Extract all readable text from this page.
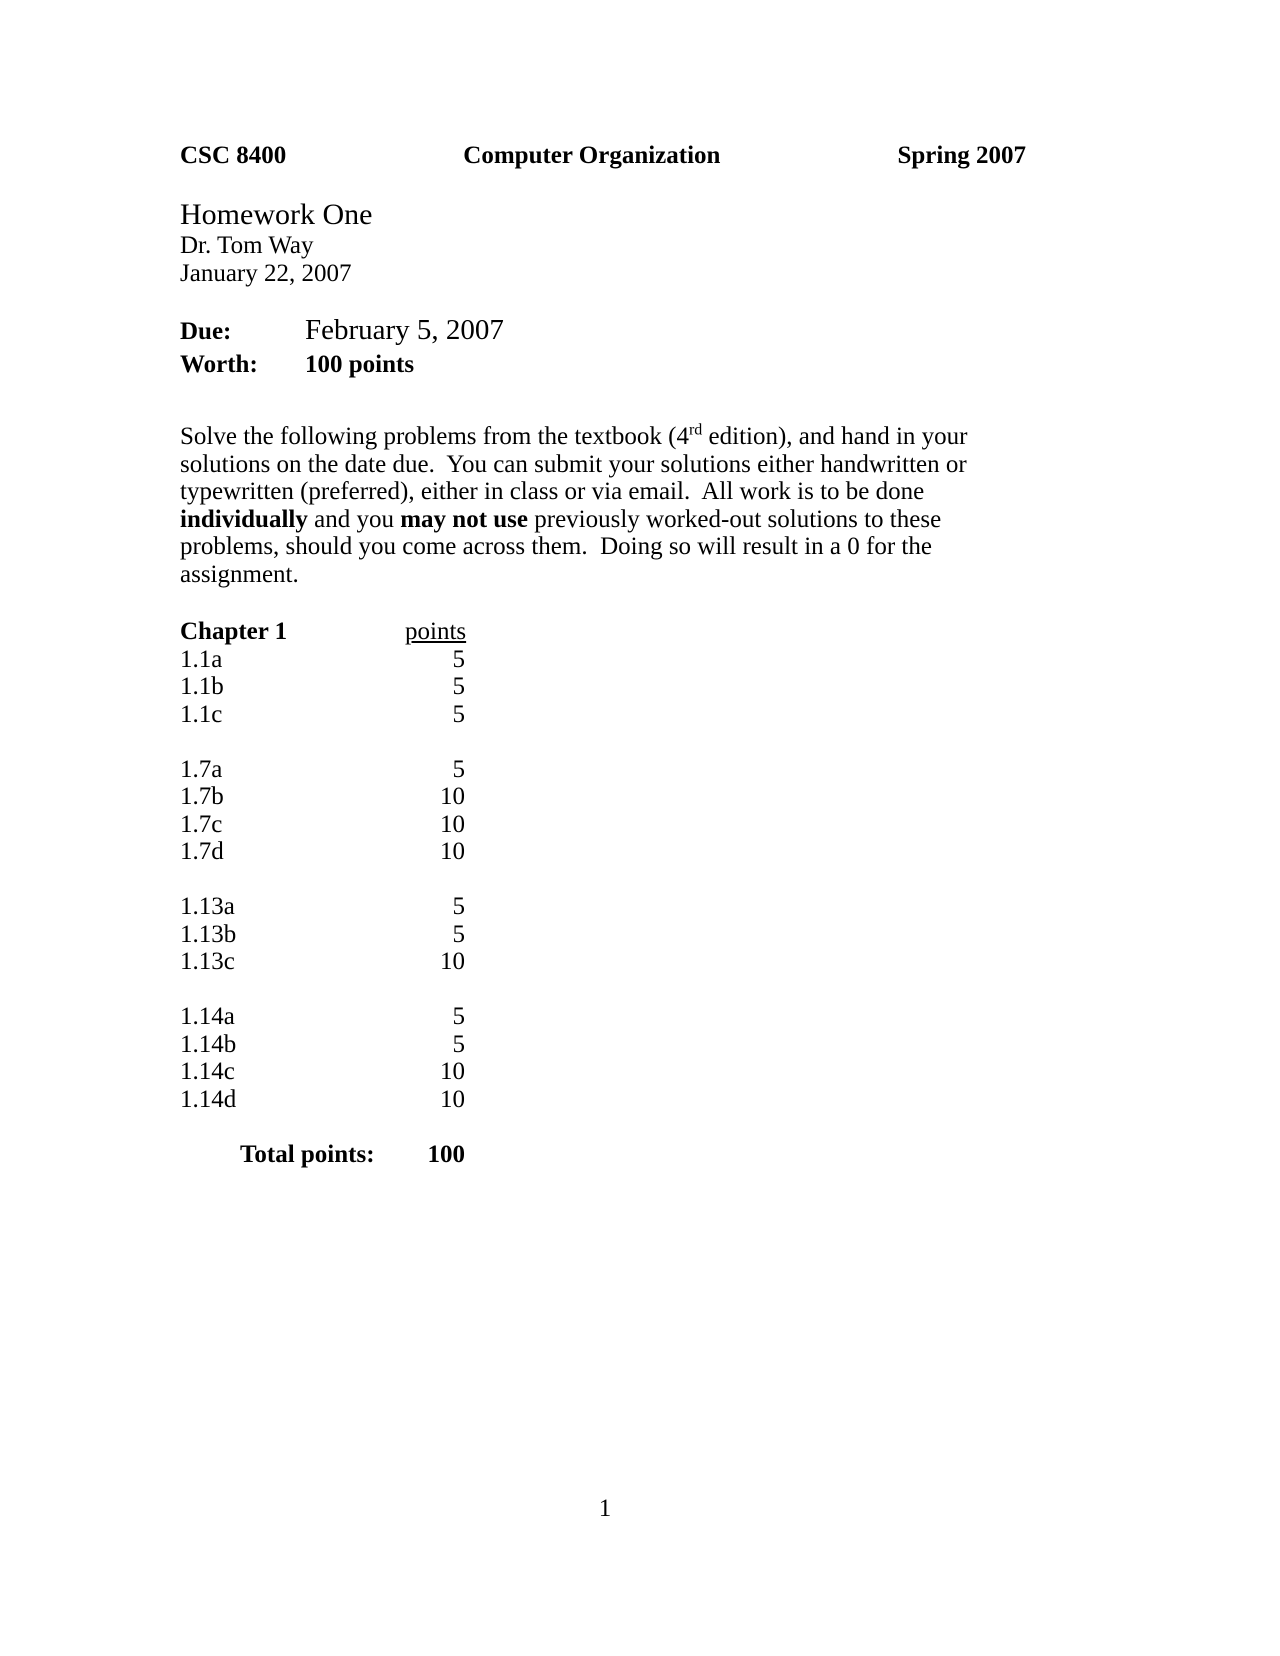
CSC 8400	Computer Organization	Spring 2007
Homework One
Dr. Tom Way
January 22, 2007
Due:	February 5, 2007
Worth:	100 points
Solve the following problems from the textbook (4rd edition), and hand in your solutions on the date due.  You can submit your solutions either handwritten or typewritten (preferred), either in class or via email.  All work is to be done individually and you may not use previously worked-out solutions to these problems, should you come across them.  Doing so will result in a 0 for the assignment.
Chapter 1	points
1.1a	5
1.1b	5
1.1c	5
1.7a	5
1.7b	10
1.7c	10
1.7d	10
1.13a	5
1.13b	5
1.13c	10
1.14a	5
1.14b	5
1.14c	10
1.14d	10
Total points:	100
1
